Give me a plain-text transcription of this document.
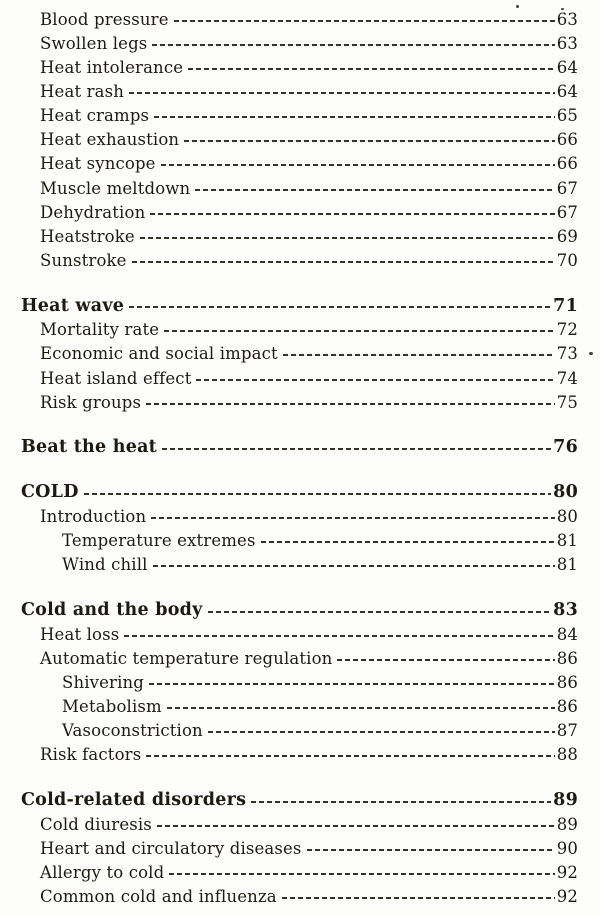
Blood pressure	63
Swollen legs	63
Heat intolerance	64
Heat rash	64
Heat cramps	65
Heat exhaustion	66
Heat syncope	66
Muscle meltdown	67
Dehydration	67
Heatstroke	69
Sunstroke	70
Heat wave	71
Mortality rate	72
Economic and social impact	73
Heat island effect	74
Risk groups	75
Beat the heat	76
COLD	80
Introduction	80
Temperature extremes	81
Wind chill	81
Cold and the body	83
Heat loss	84
Automatic temperature regulation	86
Shivering	86
Metabolism	86
Vasoconstriction	87
Risk factors	88
Cold-related disorders	89
Cold diuresis	89
Heart and circulatory diseases	90
Allergy to cold	92
Common cold and influenza	92
